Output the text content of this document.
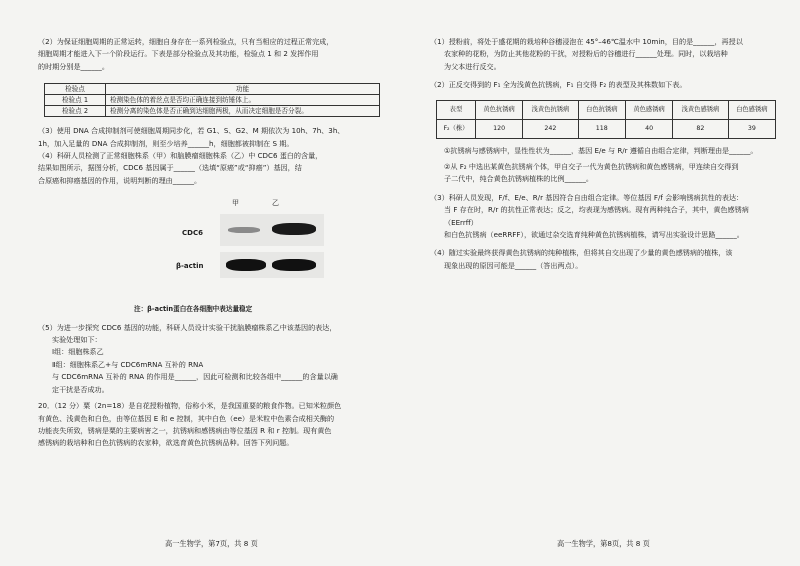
（2）为保证细胞周期的正常运转，细胞自身存在一系列检验点，只有当相应的过程正常完成，

细胞周期才能进入下一个阶段运行。下表是部分检验点及其功能，检验点 1 和 2 发挥作用

的时期分别是______。

检验点	功能
检验点 1	检测染色体的着丝点是否均正确连接到纺锤体上。
检验点 2	检测分离的染色体是否正确到达细胞两极，从而决定细胞是否分裂。

（3）使用 DNA 合成抑制剂可使细胞周期同步化，若 G1、S、G2、M 期依次为 10h、7h、3h、

1h，加入足量的 DNA 合成抑制剂，则至少培养______h，细胞都被抑制在 S 期。

（4）科研人员检测了正常细胞株系（甲）和脑膜瘤细胞株系（乙）中 CDC6 蛋白的含量，

结果如图所示，据图分析，CDC6 基因属于______（选填“原癌”或“抑癌”）基因，结

合原癌和抑癌基因的作用，说明判断的理由______。

甲	乙
CDC6
β-actin

注：β-actin蛋白在各细胞中表达量稳定

（5）为进一步探究 CDC6 基因的功能，科研人员设计实验干扰脑膜瘤株系乙中该基因的表达，

实验处理如下：

Ⅰ组：细胞株系乙

Ⅱ组：细胞株系乙+与 CDC6mRNA 互补的 RNA

与 CDC6mRNA 互补的 RNA 的作用是______，因此可检测和比较各组中______的含量以确

定干扰是否成功。

20．（12 分）粟（2n=18）是自花授粉植物，俗称小米，是我国重要的粮食作物。已知米粒颜色

有黄色、浅黄色和白色，由等位基因 E 和 e 控制，其中白色（ee）是米粒中色素合成相关酶的

功能丧失所致，锈病是粟的主要病害之一，抗锈病和感锈病由等位基因 R 和 r 控制。现有黄色

感锈病的栽培种和白色抗锈病的农家种，欲选育黄色抗锈病品种。回答下列问题。

高一生物学，第7页，共 8 页

（1）授粉前，将处于盛花期的栽培种谷穗浸泡在 45°–46℃温水中 10min，目的是______，再授以

农家种的花粉，为防止其他花粉的干扰，对授粉后的谷穗进行______处理。同时，以栽培种

为父本进行反交。

（2）正反交得到的 F₁ 全为浅黄色抗锈病，F₁ 自交得 F₂ 的表型及其株数如下表。

表型	黄色抗锈病	浅黄色抗锈病	白色抗锈病	黄色感锈病	浅黄色感锈病	白色感锈病
F₂（株）	120	242	118	40	82	39

①抗锈病与感锈病中，显性性状为______，基因 E/e 与 R/r 遵循自由组合定律，判断理由是______。

②从 F₂ 中选出某黄色抗锈病个体，甲自交子一代为黄色抗锈病和黄色感锈病，甲连续自交得到

子二代中，纯合黄色抗锈病植株的比例______。

（3）科研人员发现，F/f、E/e、R/r 基因符合自由组合定律。等位基因 F/f 会影响锈病抗性的表达：

当 F 存在时，R/r 的抗性正常表达；反之，均表现为感锈病。现有两种纯合子，其中，黄色感锈病（EErrff）

和白色抗锈病（eeRRFF），欲通过杂交选育纯种黄色抗锈病植株，请写出实验设计思路______。

（4）随过实验最终获得黄色抗锈病的纯种植株，但将其自交出现了少量的黄色感锈病的植株，该

现象出现的原因可能是______（答出两点）。

高一生物学，第8页，共 8 页
